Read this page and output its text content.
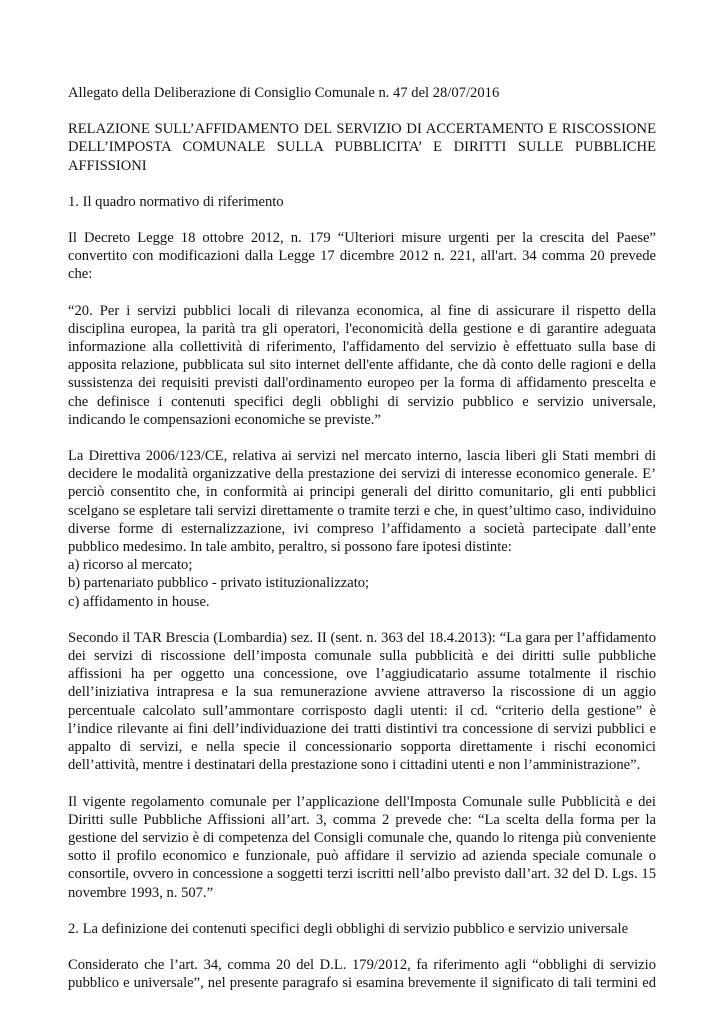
Allegato della Deliberazione di Consiglio Comunale n. 47 del 28/07/2016

RELAZIONE SULL’AFFIDAMENTO DEL SERVIZIO DI ACCERTAMENTO E RISCOSSIONE DELL’IMPOSTA COMUNALE SULLA PUBBLICITA’ E DIRITTI SULLE PUBBLICHE AFFISSIONI

1. Il quadro normativo di riferimento

Il Decreto Legge 18 ottobre 2012, n. 179 “Ulteriori misure urgenti per la crescita del Paese” convertito con modificazioni dalla Legge 17 dicembre 2012 n. 221, all'art. 34 comma 20 prevede che:

“20. Per i servizi pubblici locali di rilevanza economica, al fine di assicurare il rispetto della disciplina europea, la parità tra gli operatori, l'economicità della gestione e di garantire adeguata informazione alla collettività di riferimento, l'affidamento del servizio è effettuato sulla base di apposita relazione, pubblicata sul sito internet dell'ente affidante, che dà conto delle ragioni e della sussistenza dei requisiti previsti dall'ordinamento europeo per la forma di affidamento prescelta e che definisce i contenuti specifici degli obblighi di servizio pubblico e servizio universale, indicando le compensazioni economiche se previste.”

La Direttiva 2006/123/CE, relativa ai servizi nel mercato interno, lascia liberi gli Stati membri di decidere le modalità organizzative della prestazione dei servizi di interesse economico generale. E’ perciò consentito che, in conformità ai principi generali del diritto comunitario, gli enti pubblici scelgano se espletare tali servizi direttamente o tramite terzi e che, in quest’ultimo caso, individuino diverse forme di esternalizzazione, ivi compreso l’affidamento a società partecipate dall’ente pubblico medesimo. In tale ambito, peraltro, si possono fare ipotesi distinte:

a) ricorso al mercato;
b) partenariato pubblico - privato istituzionalizzato;
c) affidamento in house.

Secondo il TAR Brescia (Lombardia) sez. II (sent. n. 363 del 18.4.2013): “La gara per l’affidamento dei servizi di riscossione dell’imposta comunale sulla pubblicità e dei diritti sulle pubbliche affissioni ha per oggetto una concessione, ove l’aggiudicatario assume totalmente il rischio dell’iniziativa intrapresa e la sua remunerazione avviene attraverso la riscossione di un aggio percentuale calcolato sull’ammontare corrisposto dagli utenti: il cd. “criterio della gestione” è l’indice rilevante ai fini dell’individuazione dei tratti distintivi tra concessione di servizi pubblici e appalto di servizi, e nella specie il concessionario sopporta direttamente i rischi economici dell’attività, mentre i destinatari della prestazione sono i cittadini utenti e non l’amministrazione”.

Il vigente regolamento comunale per l’applicazione dell'Imposta Comunale sulle Pubblicità e dei Diritti sulle Pubbliche Affissioni all’art. 3, comma 2 prevede che: “La scelta della forma per la gestione del servizio è di competenza del Consigli comunale che, quando lo ritenga più conveniente sotto il profilo economico e funzionale, può affidare il servizio ad azienda speciale comunale o consortile, ovvero in concessione a soggetti terzi iscritti nell’albo previsto dall’art. 32 del D. Lgs. 15 novembre 1993, n. 507.”

2. La definizione dei contenuti specifici degli obblighi di servizio pubblico e servizio universale

Considerato che l’art. 34, comma 20 del D.L. 179/2012, fa riferimento agli “obblighi di servizio pubblico e universale”, nel presente paragrafo si esamina brevemente il significato di tali termini ed
